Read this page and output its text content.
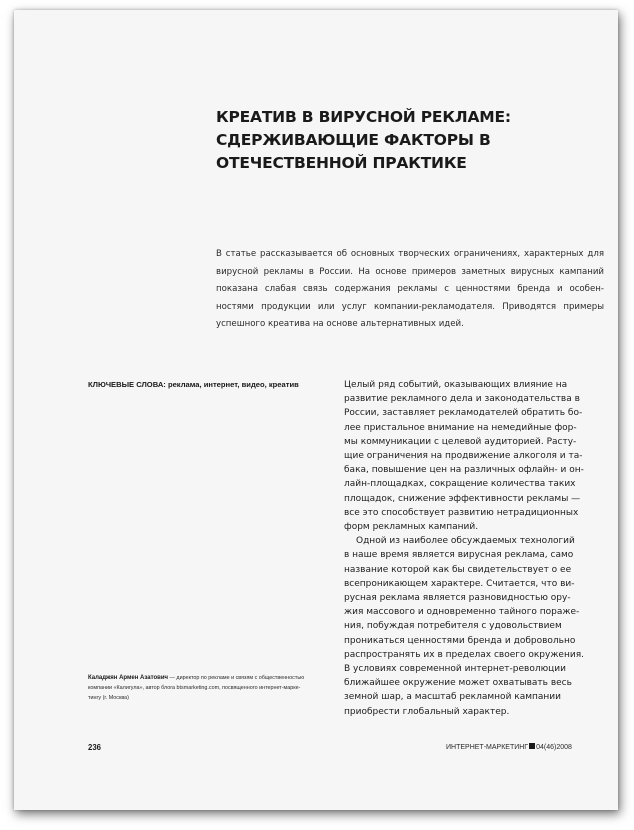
КРЕАТИВ В ВИРУСНОЙ РЕКЛАМЕ:
СДЕРЖИВАЮЩИЕ ФАКТОРЫ В
ОТЕЧЕСТВЕННОЙ ПРАКТИКЕ
В статье рассказывается об основных творческих ограничениях, характерных для
вирусной рекламы в России. На основе примеров заметных вирусных кампаний
показана слабая связь содержания рекламы с ценностями бренда и особен-
ностями продукции или услуг компании-рекламодателя. Приводятся примеры
успешного креатива на основе альтернативных идей.
КЛЮЧЕВЫЕ СЛОВА: реклама, интернет, видео, креатив	Целый ряд событий, оказывающих влияние на
развитие рекламного дела и законодательства в
России, заставляет рекламодателей обратить бо-
лее пристальное внимание на немедийные фор-
мы коммуникации с целевой аудиторией. Расту-
щие ограничения на продвижение алкоголя и та-
бака, повышение цен на различных офлайн- и он-
лайн-площадках, сокращение количества таких
площадок, снижение эффективности рекламы —
все это способствует развитию нетрадиционных
форм рекламных кампаний.
Одной из наиболее обсуждаемых технологий
в наше время является вирусная реклама, само
название которой как бы свидетельствует о ее
всепроникающем характере. Считается, что ви-
русная реклама является разновидностью ору-
жия массового и одновременно тайного пораже-
ния, побуждая потребителя с удовольствием
проникаться ценностями бренда и добровольно
распространять их в пределах своего окружения.
В условиях современной интернет-революции
ближайшее окружение может охватывать весь
земной шар, а масштаб рекламной кампании
приобрести глобальный характер.
Каладжян Армен Азатович — директор по рекламе и связям с общественностью
компании «Калигула», автор блога btsmarketing.com, посвященного интернет-марке-
тингу (г. Москва)
236	ИНТЕРНЕТ-МАРКЕТИНГ 04(46)2008
